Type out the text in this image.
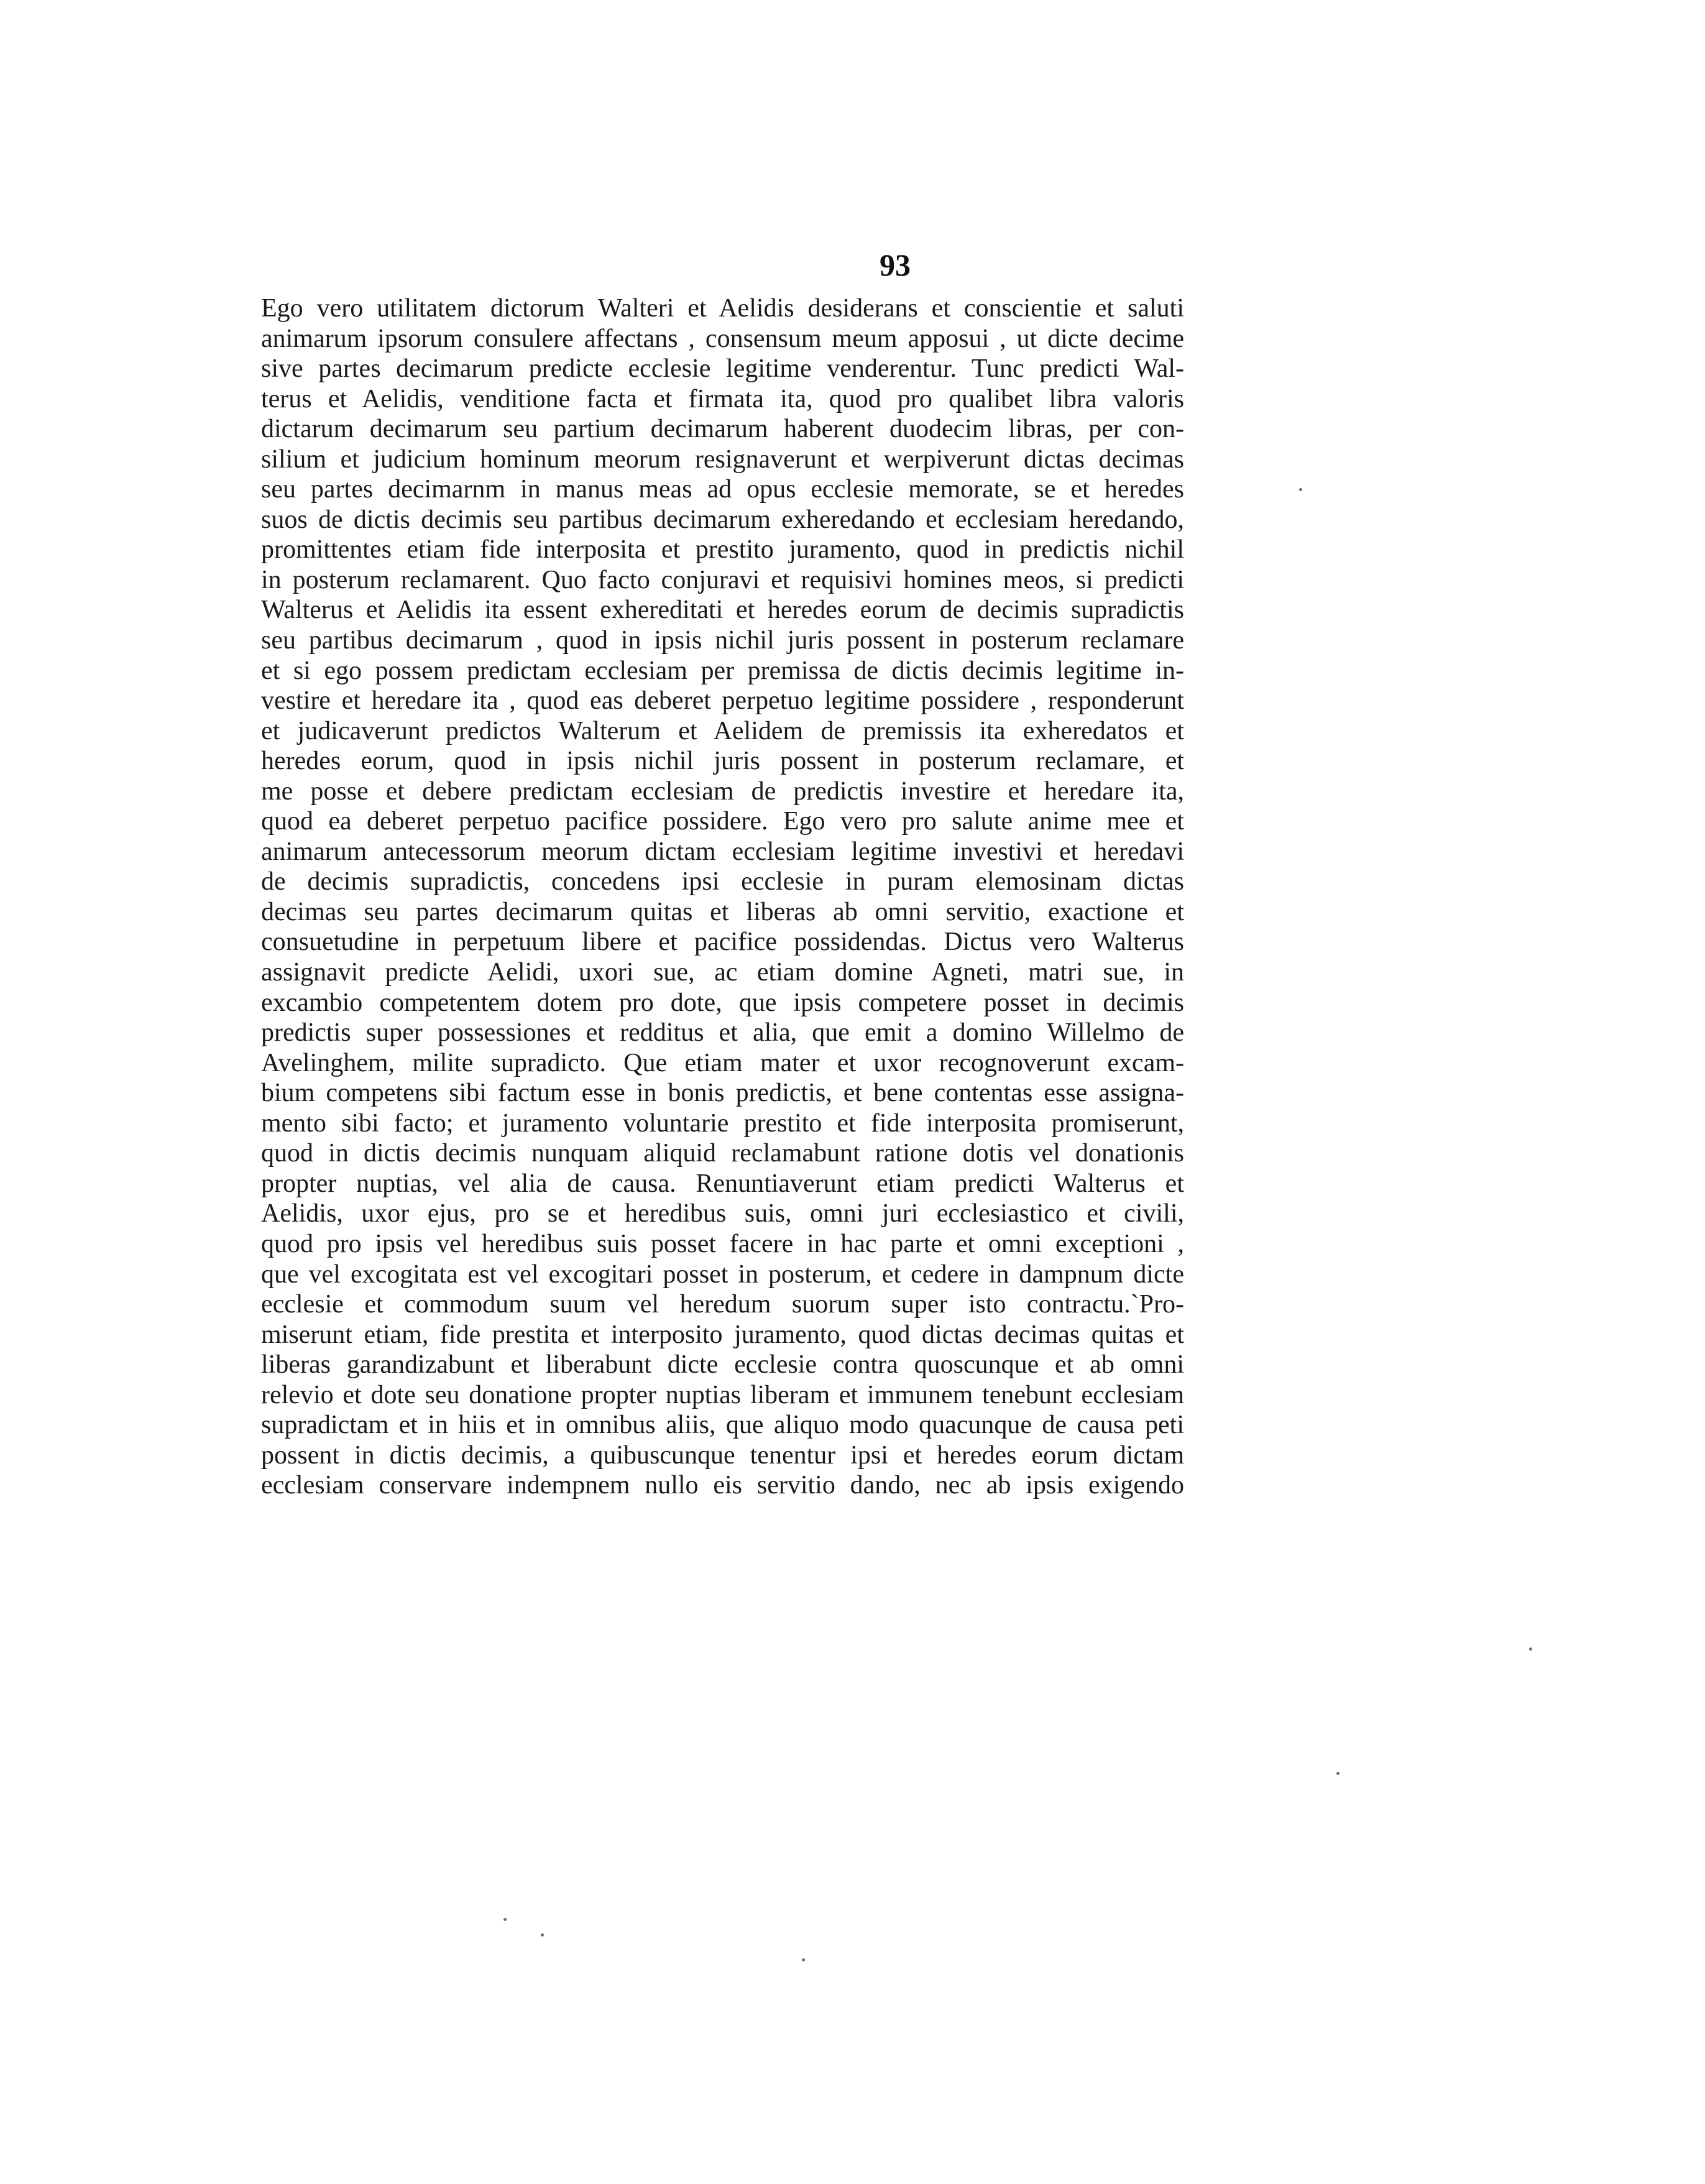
93
Ego vero utilitatem dictorum Walteri et Aelidis desiderans et conscientie et saluti
animarum ipsorum consulere affectans , consensum meum apposui , ut dicte decime
sive partes decimarum predicte ecclesie legitime venderentur. Tunc predicti Wal-
terus et Aelidis, venditione facta et firmata ita, quod pro qualibet libra valoris
dictarum decimarum seu partium decimarum haberent duodecim libras, per con-
silium et judicium hominum meorum resignaverunt et werpiverunt dictas decimas
seu partes decimarnm in manus meas ad opus ecclesie memorate, se et heredes
suos de dictis decimis seu partibus decimarum exheredando et ecclesiam heredando,
promittentes etiam fide interposita et prestito juramento, quod in predictis nichil
in posterum reclamarent. Quo facto conjuravi et requisivi homines meos, si predicti
Walterus et Aelidis ita essent exhereditati et heredes eorum de decimis supradictis
seu partibus decimarum , quod in ipsis nichil juris possent in posterum reclamare
et si ego possem predictam ecclesiam per premissa de dictis decimis legitime in-
vestire et heredare ita , quod eas deberet perpetuo legitime possidere , responderunt
et judicaverunt predictos Walterum et Aelidem de premissis ita exheredatos et
heredes eorum, quod in ipsis nichil juris possent in posterum reclamare, et
me posse et debere predictam ecclesiam de predictis investire et heredare ita,
quod ea deberet perpetuo pacifice possidere. Ego vero pro salute anime mee et
animarum antecessorum meorum dictam ecclesiam legitime investivi et heredavi
de decimis supradictis, concedens ipsi ecclesie in puram elemosinam dictas
decimas seu partes decimarum quitas et liberas ab omni servitio, exactione et
consuetudine in perpetuum libere et pacifice possidendas. Dictus vero Walterus
assignavit predicte Aelidi, uxori sue, ac etiam domine Agneti, matri sue, in
excambio competentem dotem pro dote, que ipsis competere posset in decimis
predictis super possessiones et redditus et alia, que emit a domino Willelmo de
Avelinghem, milite supradicto. Que etiam mater et uxor recognoverunt excam-
bium competens sibi factum esse in bonis predictis, et bene contentas esse assigna-
mento sibi facto; et juramento voluntarie prestito et fide interposita promiserunt,
quod in dictis decimis nunquam aliquid reclamabunt ratione dotis vel donationis
propter nuptias, vel alia de causa. Renuntiaverunt etiam predicti Walterus et
Aelidis, uxor ejus, pro se et heredibus suis, omni juri ecclesiastico et civili,
quod pro ipsis vel heredibus suis posset facere in hac parte et omni exceptioni ,
que vel excogitata est vel excogitari posset in posterum, et cedere in dampnum dicte
ecclesie et commodum suum vel heredum suorum super isto contractu.`Pro-
miserunt etiam, fide prestita et interposito juramento, quod dictas decimas quitas et
liberas garandizabunt et liberabunt dicte ecclesie contra quoscunque et ab omni
relevio et dote seu donatione propter nuptias liberam et immunem tenebunt ecclesiam
supradictam et in hiis et in omnibus aliis, que aliquo modo quacunque de causa peti
possent in dictis decimis, a quibuscunque tenentur ipsi et heredes eorum dictam
ecclesiam conservare indempnem nullo eis servitio dando, nec ab ipsis exigendo
